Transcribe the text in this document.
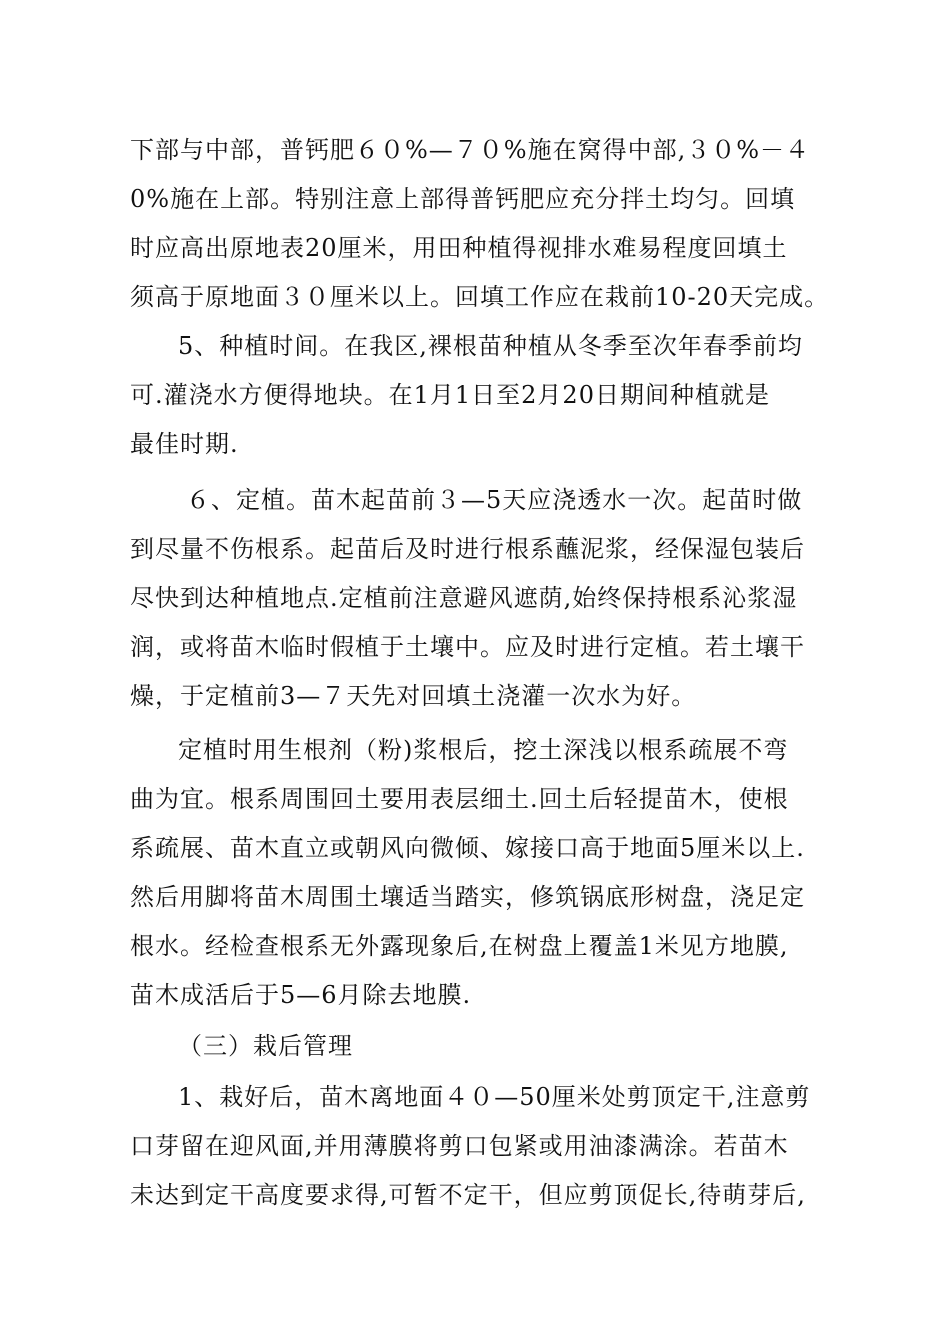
下部与中部，普钙肥６０%—７０%施在窝得中部,３０%－４
0%施在上部。特别注意上部得普钙肥应充分拌土均匀。回填
时应高出原地表20厘米，用田种植得视排水难易程度回填土
须高于原地面３０厘米以上。回填工作应在栽前10-20天完成。
5、种植时间。在我区,裸根苗种植从冬季至次年春季前均
可.灌浇水方便得地块。在1月1日至2月20日期间种植就是
最佳时期.
６、定植。苗木起苗前３—5天应浇透水一次。起苗时做
到尽量不伤根系。起苗后及时进行根系蘸泥浆，经保湿包装后
尽快到达种植地点.定植前注意避风遮荫,始终保持根系沁浆湿
润，或将苗木临时假植于土壤中。应及时进行定植。若土壤干
燥，于定植前3—７天先对回填土浇灌一次水为好。
定植时用生根剂（粉)浆根后，挖土深浅以根系疏展不弯
曲为宜。根系周围回土要用表层细土.回土后轻提苗木，使根
系疏展、苗木直立或朝风向微倾、嫁接口高于地面5厘米以上.
然后用脚将苗木周围土壤适当踏实，修筑锅底形树盘，浇足定
根水。经检查根系无外露现象后,在树盘上覆盖1米见方地膜,
苗木成活后于5—6月除去地膜.
（三）栽后管理
1、栽好后，苗木离地面４０—50厘米处剪顶定干,注意剪
口芽留在迎风面,并用薄膜将剪口包紧或用油漆满涂。若苗木
未达到定干高度要求得,可暂不定干，但应剪顶促长,待萌芽后,
